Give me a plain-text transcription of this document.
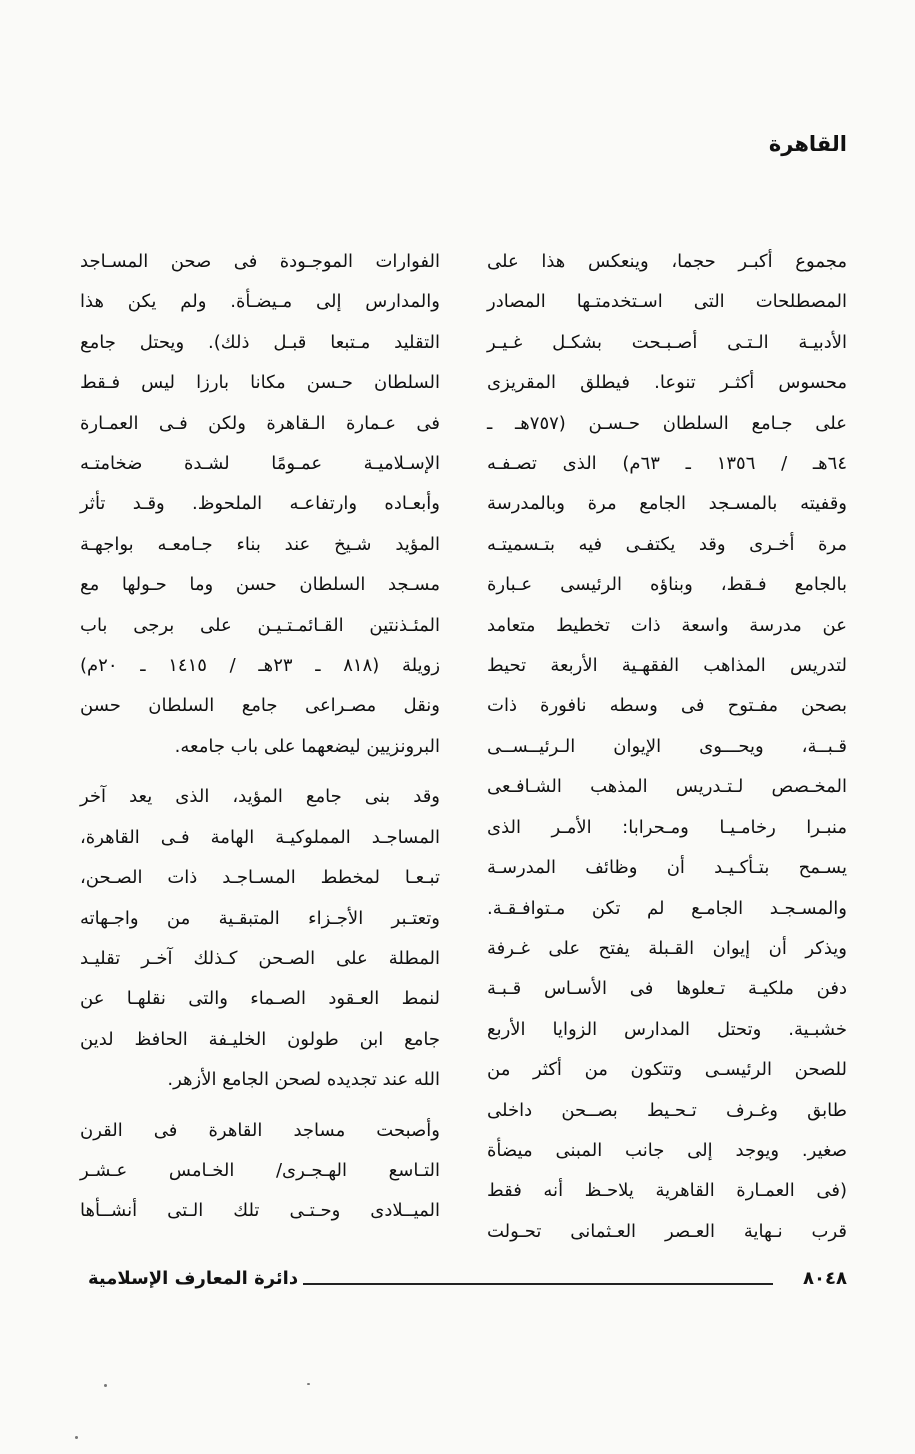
القاهرة
مجموع أكبـر حجما، وينعكس هذا على
المصطلحات التى اسـتخدمتـها المصادر
الأدبيـة الـتـى أصـبـحت بشكـل غـيـر
محسوس أكثـر تنوعا. فيطلق المقريزى
على جـامع السلطان حـسـن (٧٥٧هـ ـ
٦٤هـ / ١٣٥٦ ـ ٦٣م) الذى تصـفـه
وقفيته بالمسـجد الجامع مرة وبالمدرسة
مرة أخـرى وقد يكتفـى فيه بتـسميتـه
بالجامع فـقط، وبناؤه الرئيسى عـبارة
عن مدرسة واسعة ذات تخطيط متعامد
لتدريس المذاهب الفقهـية الأربعة تحيط
بصحن مفـتوح فى وسطه نافورة ذات
قـبــة، ويحـــوى الإيوان الـرئيــســى
المخـصص لـتـدريس المذهب الشـافـعى
منبـرا رخامـيـا ومـحرابا: الأمـر الذى
يسـمح بتـأكـيـد أن وظائف المدرسـة
والمسـجـد الجامـع لم تكن مـتوافـقـة.
ويذكر أن إيوان القـبلة يفتح على غـرفة
دفن ملكيـة تـعلوها فى الأسـاس قـبـة
خشبـية. وتحتل المدارس الزوايا الأربع
للصحن الرئيسـى وتتكون من أكثر من
طابق وغـرف تـحـيط بصــحن داخلى
صغير. ويوجد إلى جانب المبنى ميضأة
(فى العمـارة القاهرية يلاحـظ أنه فقط
قرب نـهاية العـصر العـثمانى تحـولت
الفوارات الموجـودة فى صحن المسـاجد
والمدارس إلى مـيضـأة. ولم يكن هذا
التقليد مـتبعا قبـل ذلك). ويحتل جامع
السلطان حـسن مكانا بارزا ليس فـقط
فى عـمارة الـقاهرة ولكن فـى العمـارة
الإسـلاميـة عمـومًا لشـدة ضخامتـه
وأبعـاده وارتفاعـه الملحوظ. وقـد تأثر
المؤيد شـيخ عند بناء جـامعـه بواجهـة
مسـجد السلطان حسن وما حـولها مع
المئـذنتين القـائمـتـيـن على برجى باب
زويلة (٨١٨ ـ ٢٣هـ / ١٤١٥ ـ ٢٠م)
ونقل مصـراعى جامع السلطان حسن
البرونزيين ليضعهما على باب جامعه.
وقد بنى جامع المؤيد، الذى يعد آخر
المساجـد المملوكيـة الهامة فـى القاهرة،
تبـعـا لمخطط المسـاجـد ذات الصـحن،
وتعتـبر الأجـزاء المتبقـية من واجـهاته
المطلة على الصـحن كـذلك آخـر تقليـد
لنمط العـقود الصـماء والتى نقلهـا عن
جامع ابن طولون الخليـفة الحافظ لدين
الله عند تجديده لصحن الجامع الأزهر.
وأصبحت مساجد القاهرة فى القرن
التـاسع الهـجـرى/ الخـامس عـشـر
الميــلادى وحـتـى تلك الـتى أنشــأها
٨٠٤٨
دائرة المعارف الإسلامية
